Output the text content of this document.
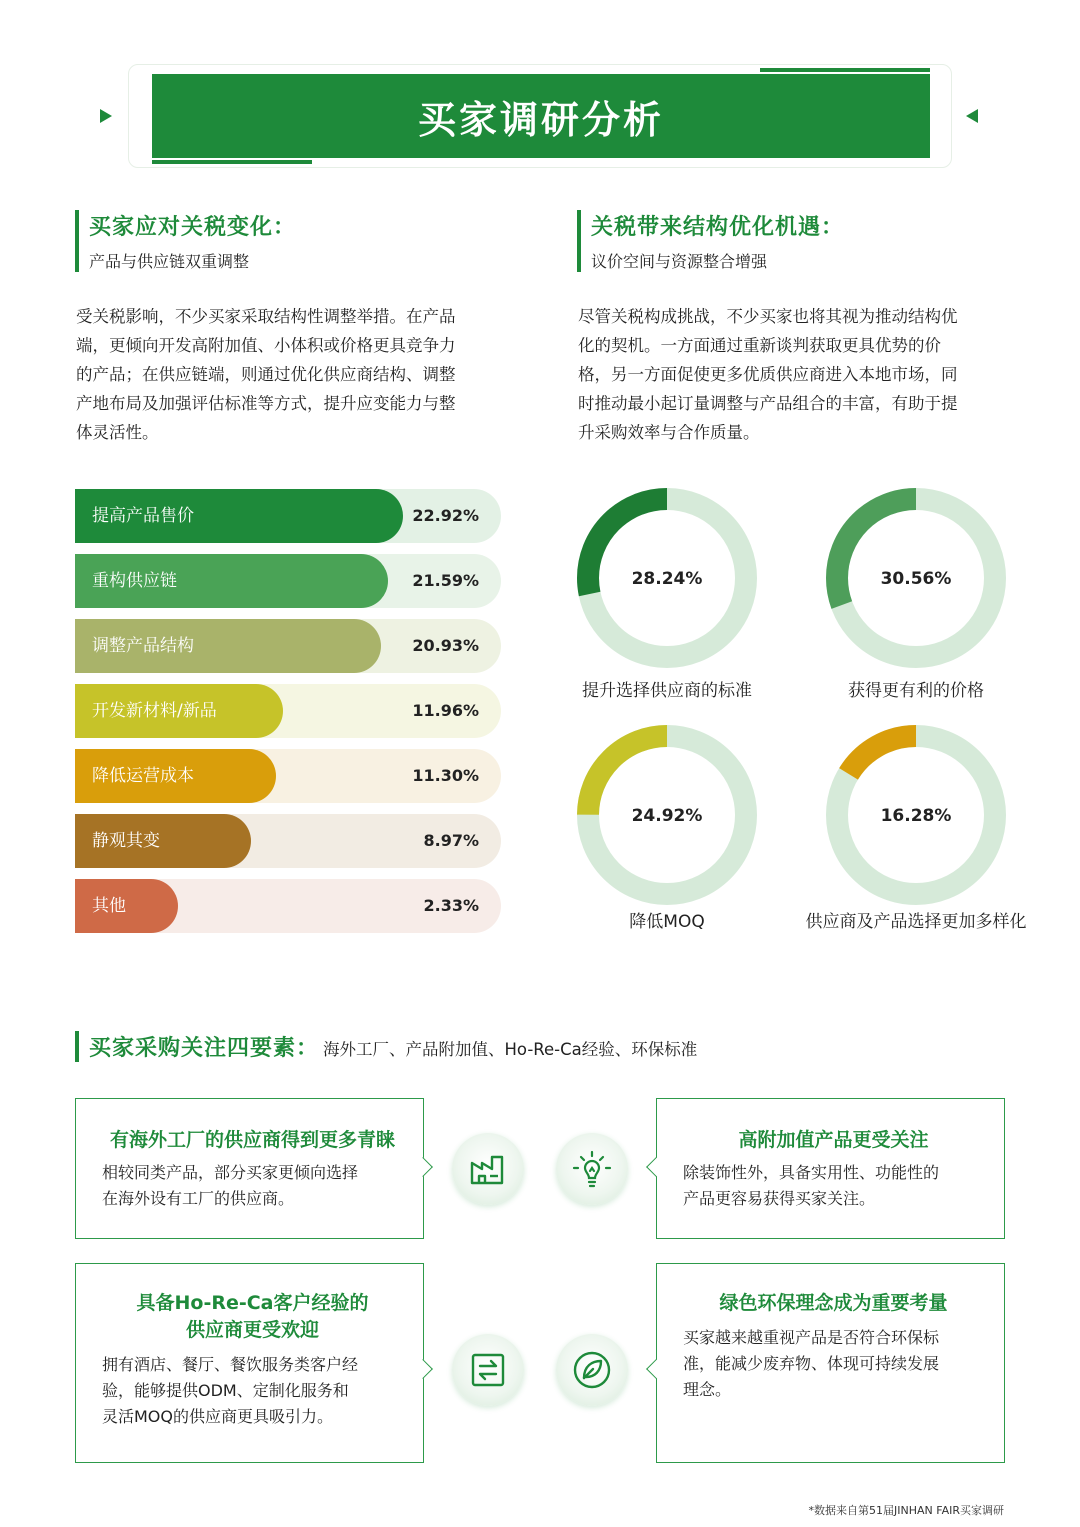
买家调研分析
买家应对关税变化：
产品与供应链双重调整
受关税影响，不少买家采取结构性调整举措。在产品
端，更倾向开发高附加值、小体积或价格更具竞争力
的产品；在供应链端，则通过优化供应商结构、调整
产地布局及加强评估标准等方式，提升应变能力与整
体灵活性。
关税带来结构优化机遇：
议价空间与资源整合增强
尽管关税构成挑战，不少买家也将其视为推动结构优
化的契机。一方面通过重新谈判获取更具优势的价
格，另一方面促使更多优质供应商进入本地市场，同
时推动最小起订量调整与产品组合的丰富，有助于提
升采购效率与合作质量。
提高产品售价	22.92%
重构供应链	21.59%
调整产品结构	20.93%
开发新材料/新品	11.96%
降低运营成本	11.30%
静观其变	8.97%
其他	2.33%
28.24%
提升选择供应商的标准
30.56%
获得更有利的价格
24.92%
降低MOQ
16.28%
供应商及产品选择更加多样化
买家采购关注四要素： 海外工厂、产品附加值、Ho-Re-Ca经验、环保标准
有海外工厂的供应商得到更多青睐
相较同类产品，部分买家更倾向选择
在海外设有工厂的供应商。
高附加值产品更受关注
除装饰性外，具备实用性、功能性的
产品更容易获得买家关注。
具备Ho-Re-Ca客户经验的
供应商更受欢迎
拥有酒店、餐厅、餐饮服务类客户经
验，能够提供ODM、定制化服务和
灵活MOQ的供应商更具吸引力。
绿色环保理念成为重要考量
买家越来越重视产品是否符合环保标
准，能减少废弃物、体现可持续发展
理念。
*数据来自第51届JINHAN FAIR买家调研
